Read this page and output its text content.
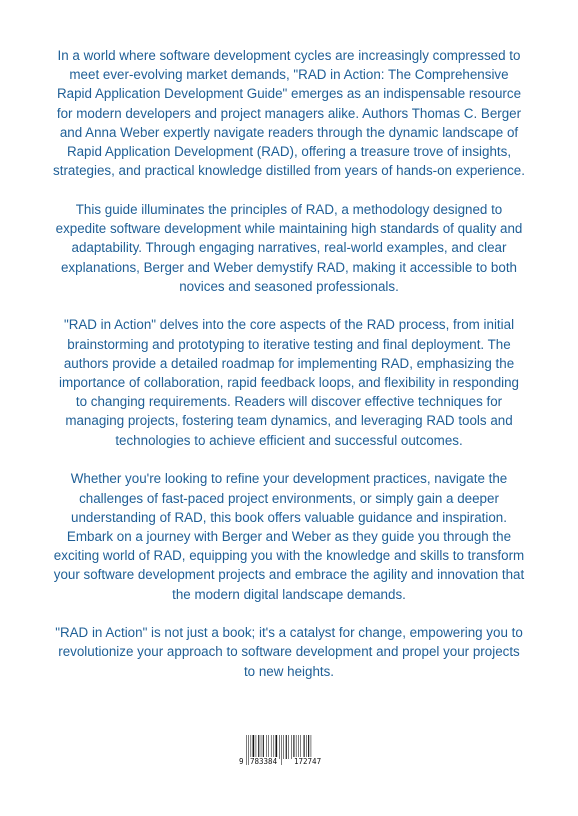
In a world where software development cycles are increasingly compressed to meet ever-evolving market demands, "RAD in Action: The Comprehensive Rapid Application Development Guide" emerges as an indispensable resource for modern developers and project managers alike. Authors Thomas C. Berger and Anna Weber expertly navigate readers through the dynamic landscape of Rapid Application Development (RAD), offering a treasure trove of insights, strategies, and practical knowledge distilled from years of hands-on experience.

This guide illuminates the principles of RAD, a methodology designed to expedite software development while maintaining high standards of quality and adaptability. Through engaging narratives, real-world examples, and clear explanations, Berger and Weber demystify RAD, making it accessible to both novices and seasoned professionals.

"RAD in Action" delves into the core aspects of the RAD process, from initial brainstorming and prototyping to iterative testing and final deployment. The authors provide a detailed roadmap for implementing RAD, emphasizing the importance of collaboration, rapid feedback loops, and flexibility in responding to changing requirements. Readers will discover effective techniques for managing projects, fostering team dynamics, and leveraging RAD tools and technologies to achieve efficient and successful outcomes.

Whether you're looking to refine your development practices, navigate the challenges of fast-paced project environments, or simply gain a deeper understanding of RAD, this book offers valuable guidance and inspiration. Embark on a journey with Berger and Weber as they guide you through the exciting world of RAD, equipping you with the knowledge and skills to transform your software development projects and embrace the agility and innovation that the modern digital landscape demands.

"RAD in Action" is not just a book; it's a catalyst for change, empowering you to revolutionize your approach to software development and propel your projects to new heights.

9 783384 172747
